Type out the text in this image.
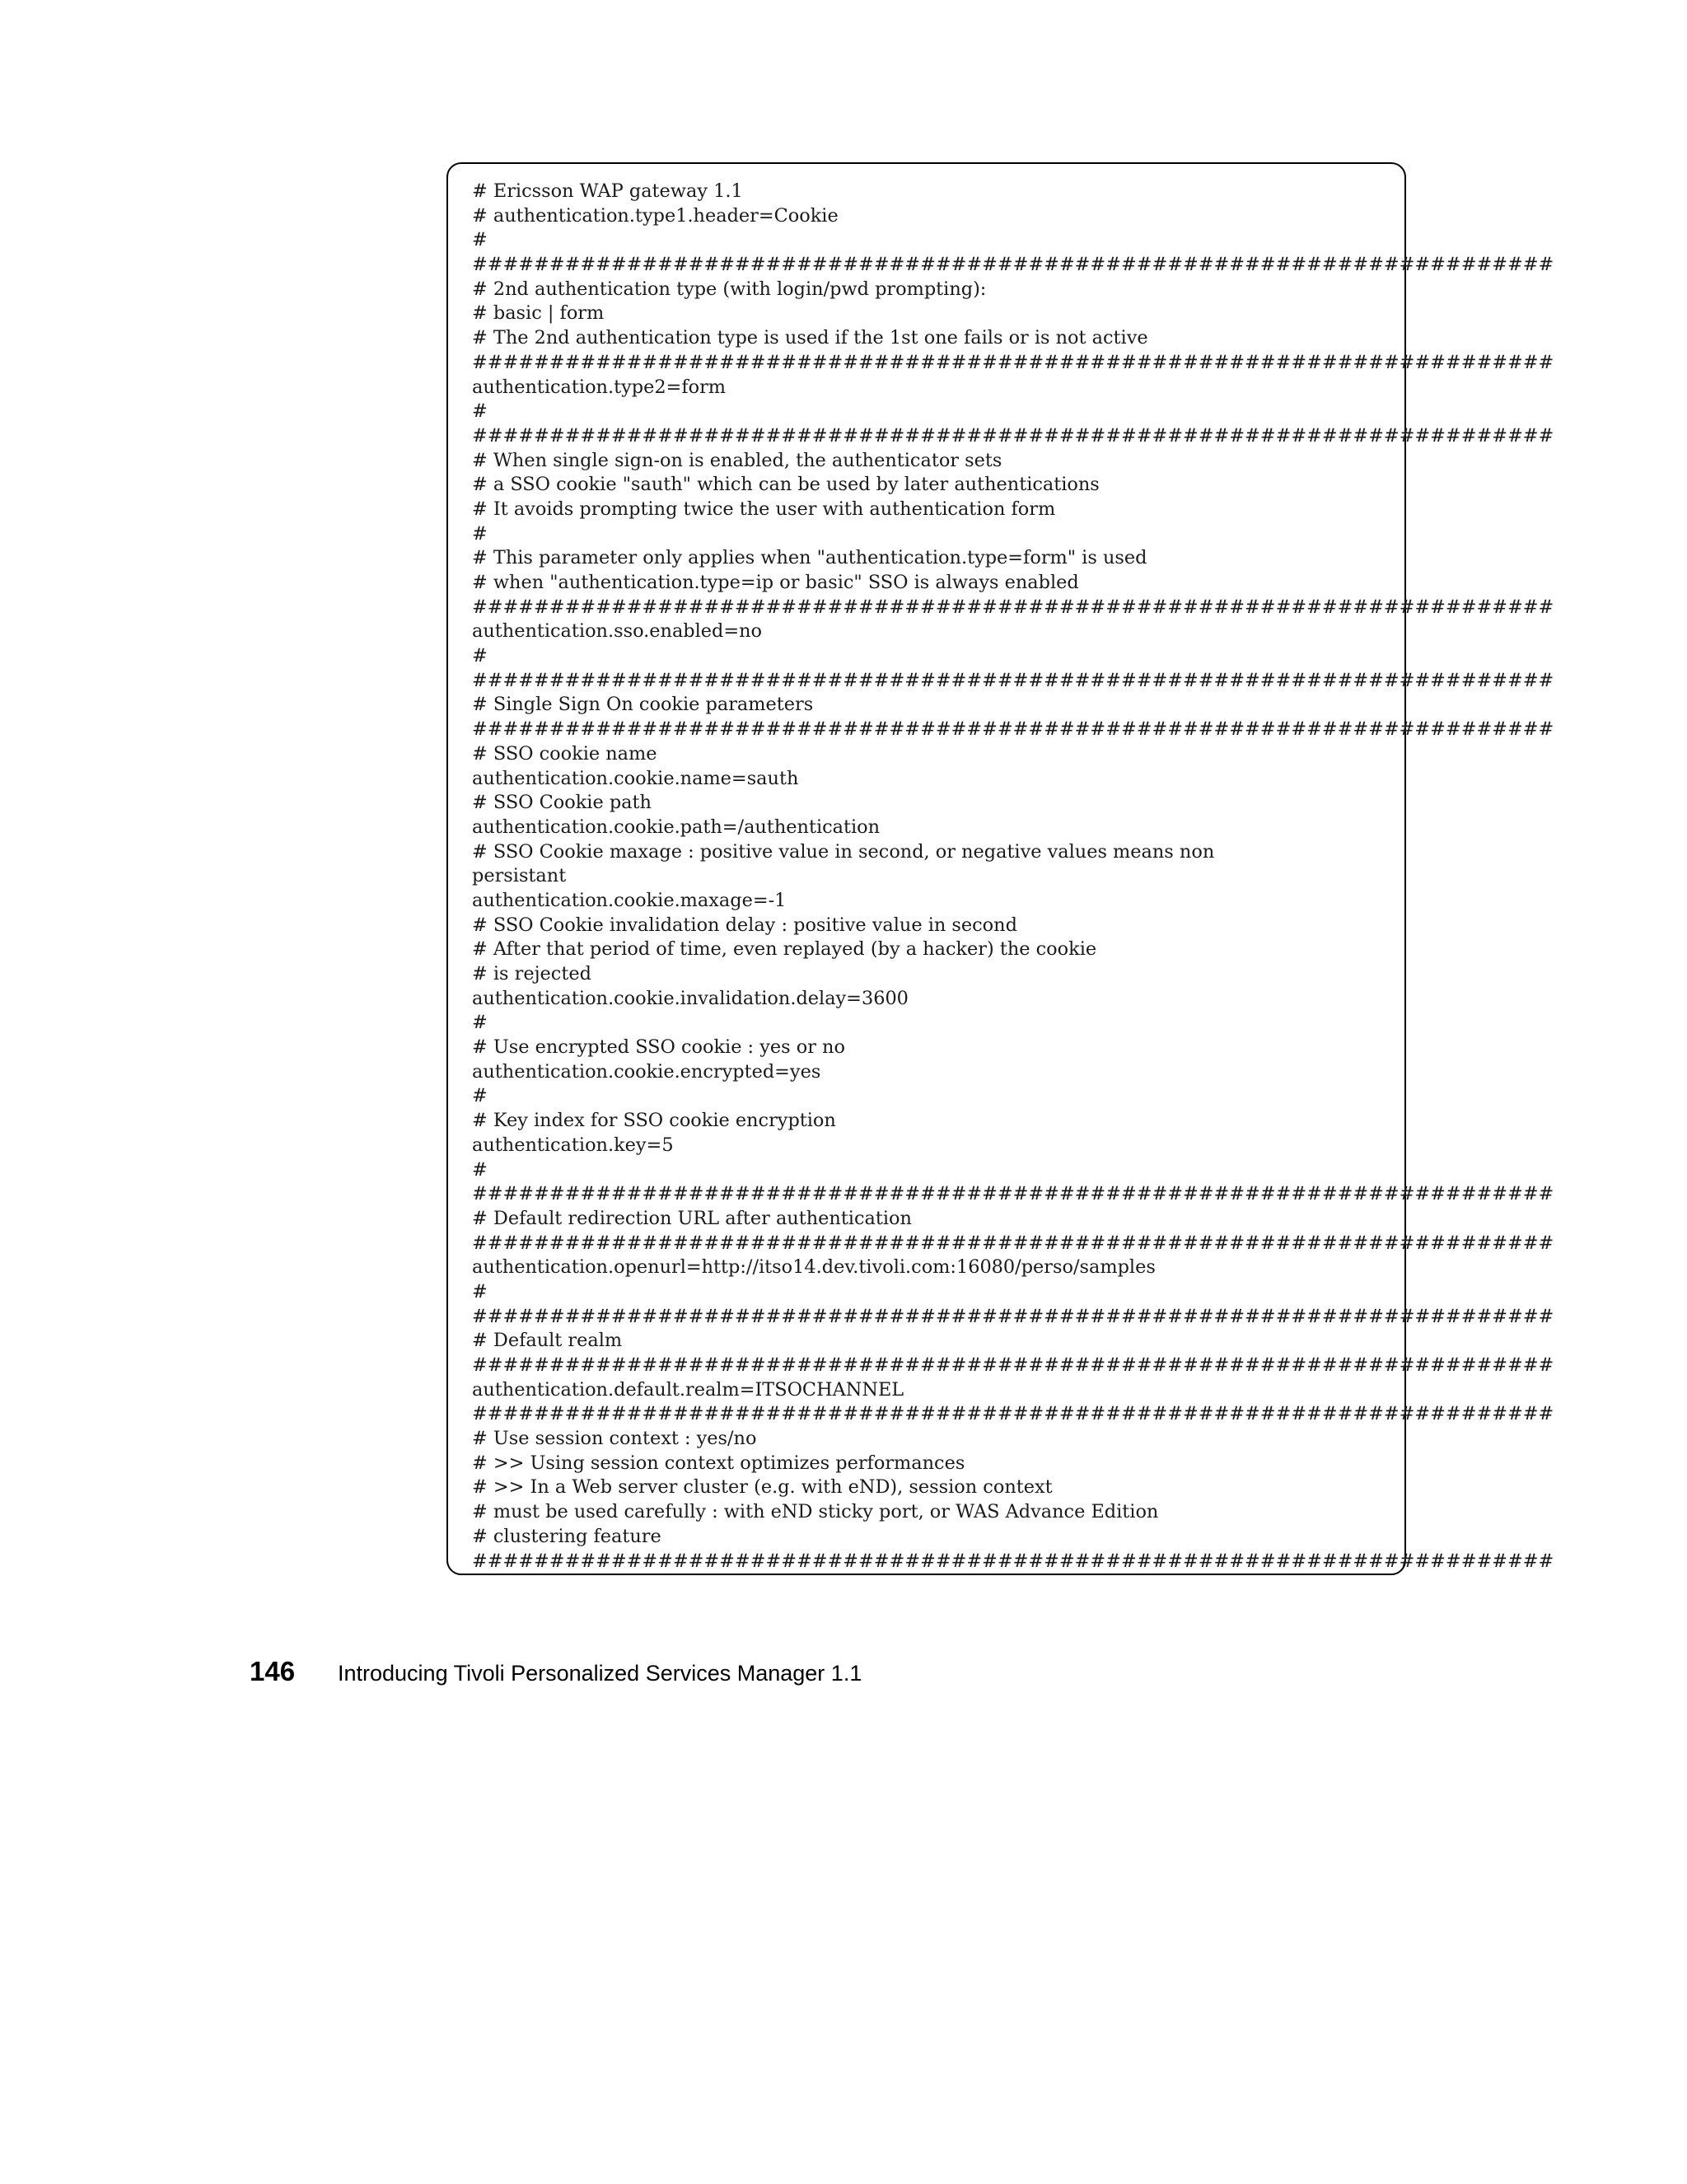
# Ericsson WAP gateway 1.1
# authentication.type1.header=Cookie
#
######################################################################
# 2nd authentication type (with login/pwd prompting):
# basic | form
# The 2nd authentication type is used if the 1st one fails or is not active
######################################################################
authentication.type2=form
#
######################################################################
# When single sign-on is enabled, the authenticator sets
# a SSO cookie "sauth" which can be used by later authentications
# It avoids prompting twice the user with authentication form
#
# This parameter only applies when "authentication.type=form" is used
# when "authentication.type=ip or basic" SSO is always enabled
######################################################################
authentication.sso.enabled=no
#
######################################################################
# Single Sign On cookie parameters
######################################################################
# SSO cookie name
authentication.cookie.name=sauth
# SSO Cookie path
authentication.cookie.path=/authentication
# SSO Cookie maxage : positive value in second, or negative values means non
persistant
authentication.cookie.maxage=-1
# SSO Cookie invalidation delay : positive value in second
# After that period of time, even replayed (by a hacker) the cookie
# is rejected
authentication.cookie.invalidation.delay=3600
#
# Use encrypted SSO cookie : yes or no
authentication.cookie.encrypted=yes
#
# Key index for SSO cookie encryption
authentication.key=5
#
######################################################################
# Default redirection URL after authentication
######################################################################
authentication.openurl=http://itso14.dev.tivoli.com:16080/perso/samples
#
######################################################################
# Default realm
######################################################################
authentication.default.realm=ITSOCHANNEL
######################################################################
# Use session context : yes/no
# >> Using session context optimizes performances
# >> In a Web server cluster (e.g. with eND), session context
# must be used carefully : with eND sticky port, or WAS Advance Edition
# clustering feature
######################################################################
146	Introducing Tivoli Personalized Services Manager 1.1
